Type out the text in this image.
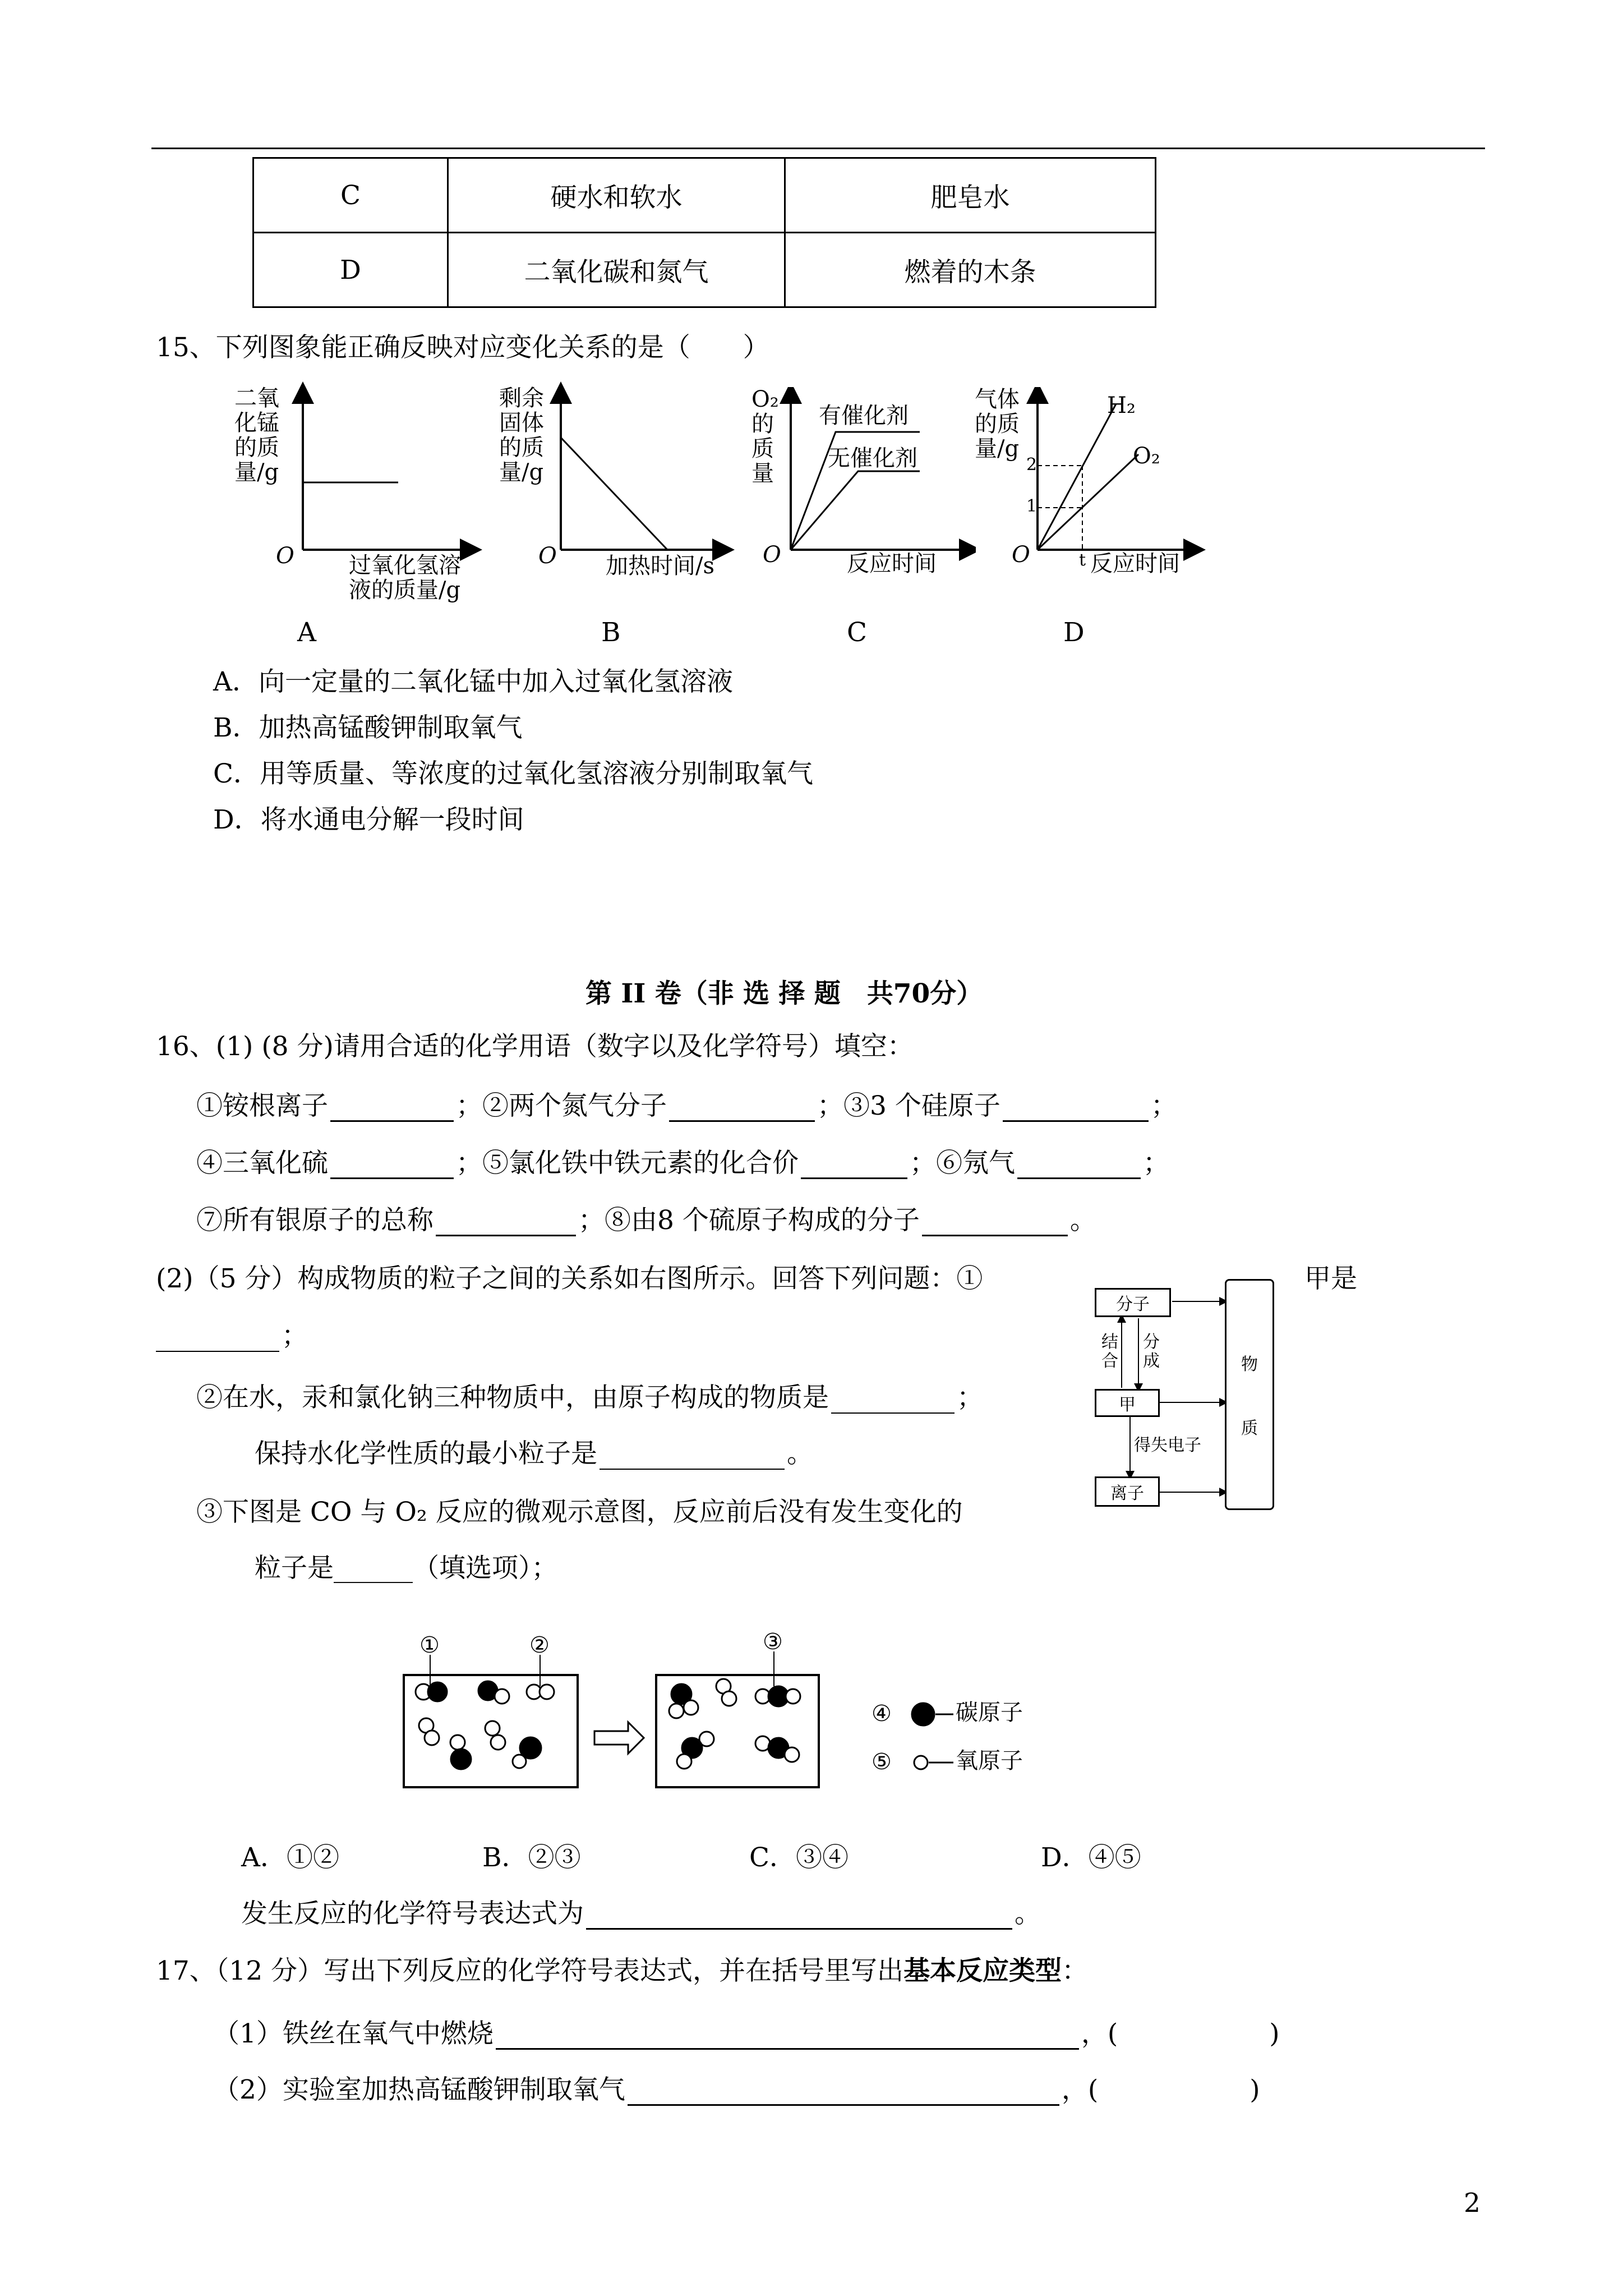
C	硬水和软水	肥皂水
D	二氧化碳和氮气	燃着的木条
15、下列图象能正确反映对应变化关系的是（　　）
二氧
化锰
的质
量/g
O 过氧化氢溶
液的质量/g
A
剩余
固体
的质
量/g
O 加热时间/s
B
O₂
的
质
量
有催化剂
无催化剂
O	反应时间
C
气体
的质
量/g
2
1
t
H₂
O₂
O	反应时间
D
A．向一定量的二氧化锰中加入过氧化氢溶液
B．加热高锰酸钾制取氧气
C．用等质量、等浓度的过氧化氢溶液分别制取氧气
D．将水通电分解一段时间
第 II 卷（非 选 择 题　共70分）
16、(1) (8 分)请用合适的化学用语（数字以及化学符号）填空：
①铵根离子	；②两个氮气分子	；③3 个硅原子	；
④三氧化硫	；⑤氯化铁中铁元素的化合价	；⑥氖气	；
⑦所有银原子的总称	；⑧由8 个硫原子构成的分子	。
(2)（5 分）构成物质的粒子之间的关系如右图所示。回答下列问题：①	甲是
；
②在水，汞和氯化钠三种物质中，由原子构成的物质是	；
保持水化学性质的最小粒子是	。
③下图是 CO 与 O₂ 反应的微观示意图，反应前后没有发生变化的
粒子是______（填选项）；
分子
甲
离子
物
质
结
合
分
成
得失电子
①	②	③
④
⑤
碳原子
氧原子
A．①②	B．②③	C．③④	D．④⑤
发生反应的化学符号表达式为	。
17、（12 分）写出下列反应的化学符号表达式，并在括号里写出基本反应类型：
（1）铁丝在氧气中燃烧	，(	)
（2）实验室加热高锰酸钾制取氧气	，(	)
2
